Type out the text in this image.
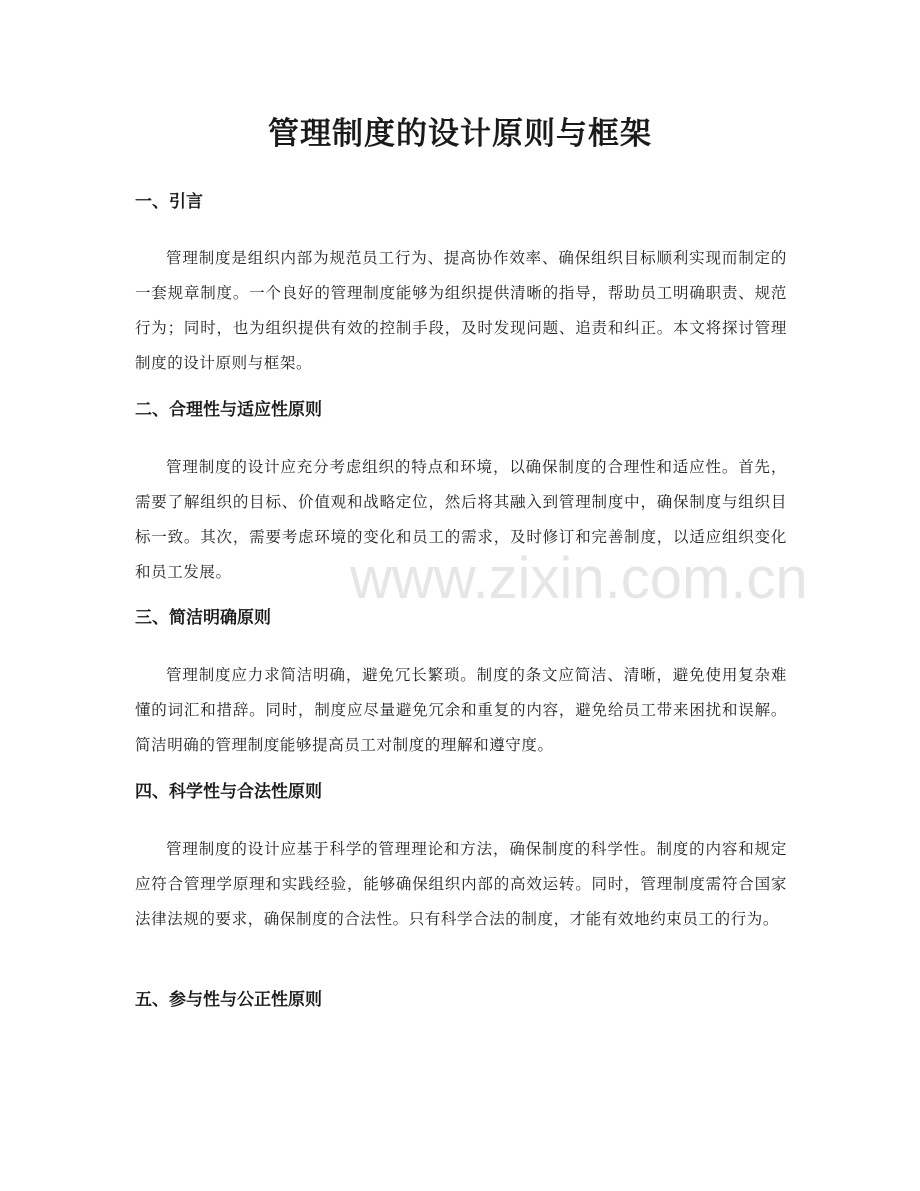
www.zixin.com.cn
管理制度的设计原则与框架
一、引言

管理制度是组织内部为规范员工行为、提高协作效率、确保组织目标顺利实现而制定的一套规章制度。一个良好的管理制度能够为组织提供清晰的指导，帮助员工明确职责、规范行为；同时，也为组织提供有效的控制手段，及时发现问题、追责和纠正。本文将探讨管理制度的设计原则与框架。

二、合理性与适应性原则

管理制度的设计应充分考虑组织的特点和环境，以确保制度的合理性和适应性。首先，需要了解组织的目标、价值观和战略定位，然后将其融入到管理制度中，确保制度与组织目标一致。其次，需要考虑环境的变化和员工的需求，及时修订和完善制度，以适应组织变化和员工发展。

三、简洁明确原则

管理制度应力求简洁明确，避免冗长繁琐。制度的条文应简洁、清晰，避免使用复杂难懂的词汇和措辞。同时，制度应尽量避免冗余和重复的内容，避免给员工带来困扰和误解。简洁明确的管理制度能够提高员工对制度的理解和遵守度。

四、科学性与合法性原则

管理制度的设计应基于科学的管理理论和方法，确保制度的科学性。制度的内容和规定应符合管理学原理和实践经验，能够确保组织内部的高效运转。同时，管理制度需符合国家法律法规的要求，确保制度的合法性。只有科学合法的制度，才能有效地约束员工的行为。

五、参与性与公正性原则
